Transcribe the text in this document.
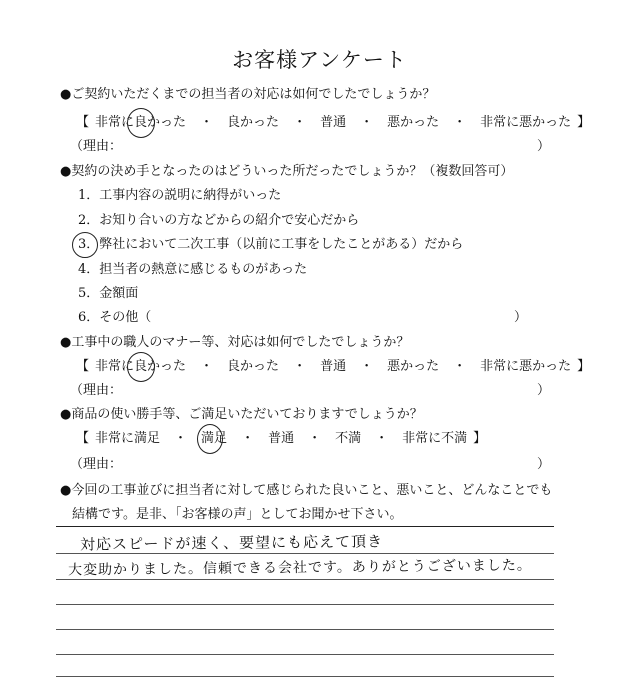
お客様アンケート
●ご契約いただくまでの担当者の対応は如何でしたでしょうか？
【 非常に良かった ・ 良かった ・ 普通 ・ 悪かった ・ 非常に悪かった 】
（理由：	）
●契約の決め手となったのはどういった所だったでしょうか？（複数回答可）
1．工事内容の説明に納得がいった
2．お知り合いの方などからの紹介で安心だから
3．弊社において二次工事（以前に工事をしたことがある）だから
4．担当者の熱意に感じるものがあった
5．金額面
6．その他（	）
●工事中の職人のマナー等、対応は如何でしたでしょうか？
【 非常に良かった ・ 良かった ・ 普通 ・ 悪かった ・ 非常に悪かった 】
（理由：	）
●商品の使い勝手等、ご満足いただいておりますでしょうか？
【 非常に満足 ・ 満足 ・ 普通 ・ 不満 ・ 非常に不満 】
（理由：	）
●今回の工事並びに担当者に対して感じられた良いこと、悪いこと、どんなことでも
結構です。是非、「お客様の声」としてお聞かせ下さい。
対応スピードが速く、要望にも応えて頂き
大変助かりました。信頼できる会社です。ありがとうございました。
